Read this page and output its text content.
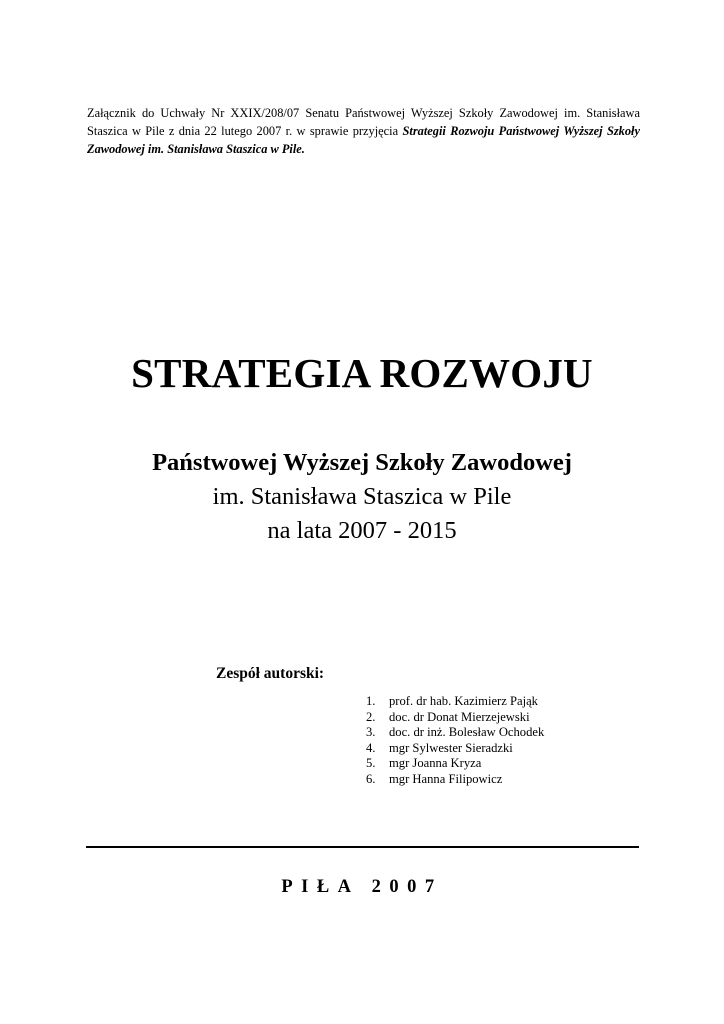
Załącznik do Uchwały Nr XXIX/208/07 Senatu Państwowej Wyższej Szkoły Zawodowej im. Stanisława Staszica w Pile z dnia 22 lutego 2007 r. w sprawie przyjęcia Strategii Rozwoju Państwowej Wyższej Szkoły Zawodowej im. Stanisława Staszica w Pile.

STRATEGIA ROZWOJU
Państwowej Wyższej Szkoły Zawodowej
im. Stanisława Staszica w Pile
na lata 2007 - 2015
Zespół autorski:
1.	prof. dr hab. Kazimierz Pająk
2.	doc. dr Donat Mierzejewski
3.	doc. dr inż. Bolesław Ochodek
4.	mgr Sylwester Sieradzki
5.	mgr Joanna Kryza
6.	mgr Hanna Filipowicz
PIŁA 2007
